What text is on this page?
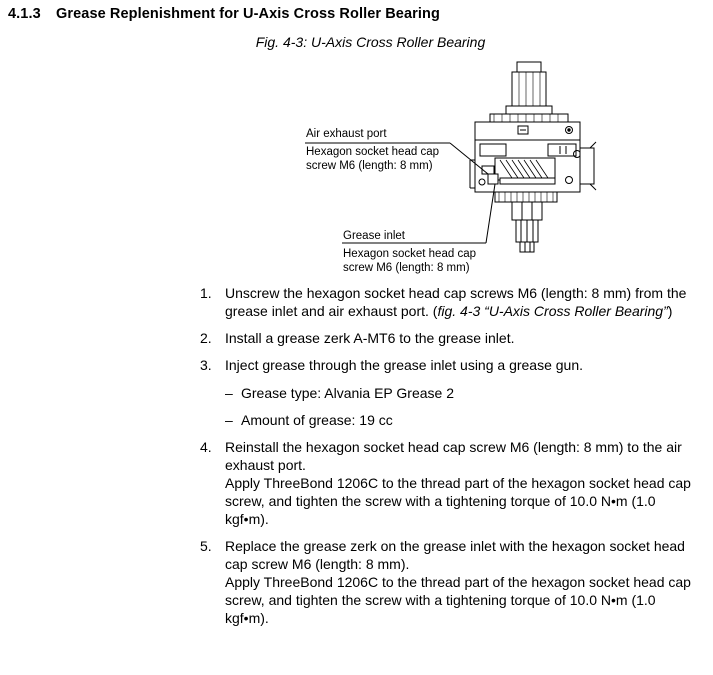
4.1.3 Grease Replenishment for U-Axis Cross Roller Bearing
Fig. 4-3: U-Axis Cross Roller Bearing
Air exhaust port
Hexagon socket head cap
screw M6 (length: 8 mm)
Grease inlet
Hexagon socket head cap
screw M6 (length: 8 mm)
1. Unscrew the hexagon socket head cap screws M6 (length: 8 mm) from the grease inlet and air exhaust port. (fig. 4-3 “U-Axis Cross Roller Bearing”)
2. Install a grease zerk A-MT6 to the grease inlet.
3. Inject grease through the grease inlet using a grease gun.
– Grease type: Alvania EP Grease 2
– Amount of grease: 19 cc
4. Reinstall the hexagon socket head cap screw M6 (length: 8 mm) to the air exhaust port.
Apply ThreeBond 1206C to the thread part of the hexagon socket head cap screw, and tighten the screw with a tightening torque of 10.0 N•m (1.0 kgf•m).
5. Replace the grease zerk on the grease inlet with the hexagon socket head cap screw M6 (length: 8 mm).
Apply ThreeBond 1206C to the thread part of the hexagon socket head cap screw, and tighten the screw with a tightening torque of 10.0 N•m (1.0 kgf•m).
